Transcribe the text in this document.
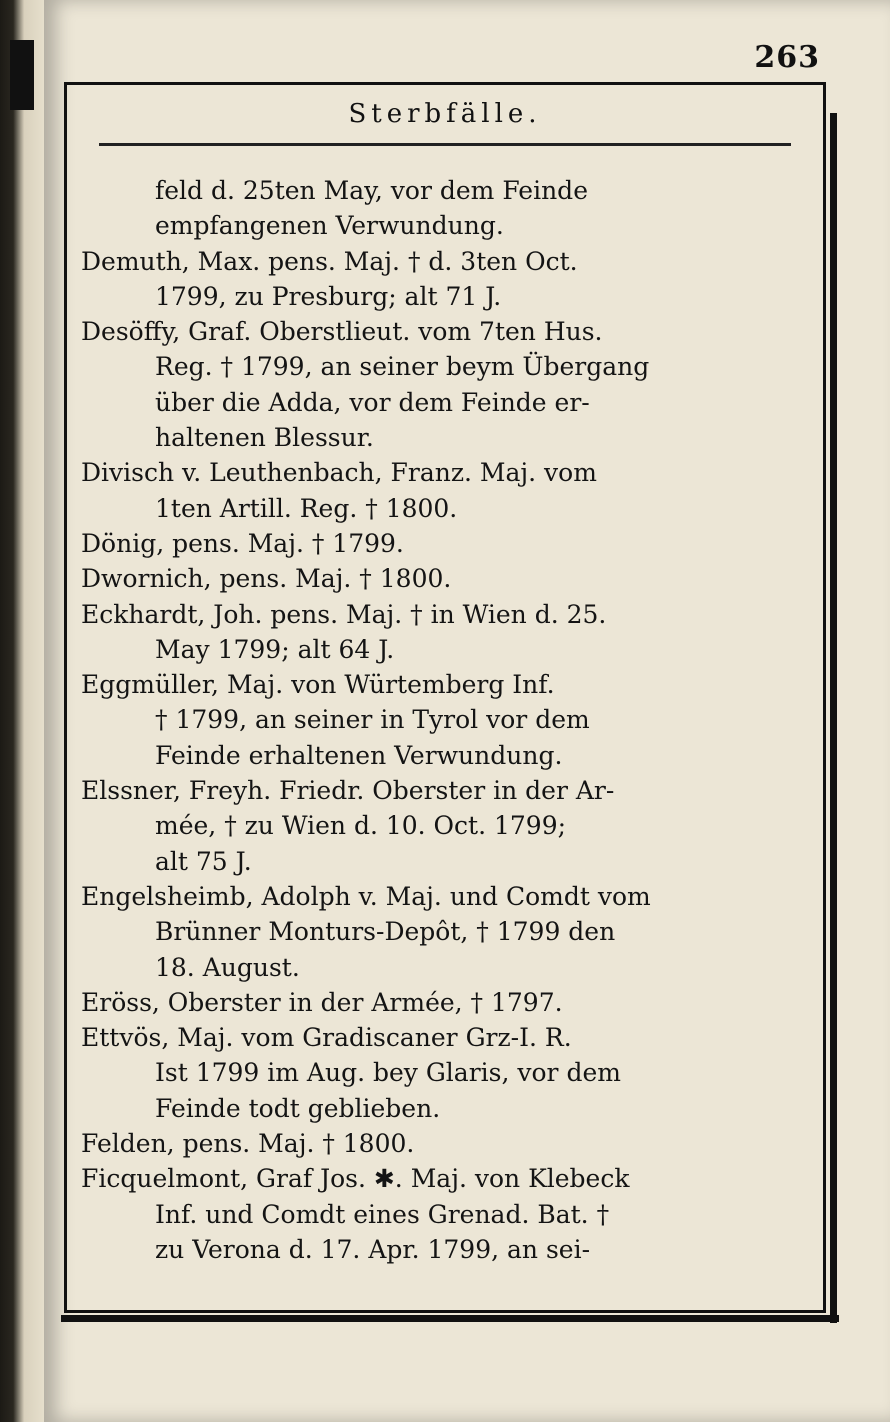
263
Sterbfälle.
feld d. 25ten May, vor dem Feinde
empfangenen Verwundung.
Demuth, Max. pens. Maj. † d. 3ten Oct.
1799, zu Presburg; alt 71 J.
Desöffy, Graf. Oberstlieut. vom 7ten Hus.
Reg. † 1799, an seiner beym Übergang
über die Adda, vor dem Feinde er-
haltenen Blessur.
Divisch v. Leuthenbach, Franz. Maj. vom
1ten Artill. Reg. † 1800.
Dönig, pens. Maj. † 1799.
Dwornich, pens. Maj. † 1800.
Eckhardt, Joh. pens. Maj. † in Wien d. 25.
May 1799; alt 64 J.
Eggmüller, Maj. von Würtemberg Inf.
† 1799, an seiner in Tyrol vor dem
Feinde erhaltenen Verwundung.
Elssner, Freyh. Friedr. Oberster in der Ar-
mée, † zu Wien d. 10. Oct. 1799;
alt 75 J.
Engelsheimb, Adolph v. Maj. und Comdt vom
Brünner Monturs-Depôt, † 1799 den
18. August.
Eröss, Oberster in der Armée, † 1797.
Ettvös, Maj. vom Gradiscaner Grz-I. R.
Ist 1799 im Aug. bey Glaris, vor dem
Feinde todt geblieben.
Felden, pens. Maj. † 1800.
Ficquelmont, Graf Jos. ✱. Maj. von Klebeck
Inf. und Comdt eines Grenad. Bat. †
zu Verona d. 17. Apr. 1799, an sei-
